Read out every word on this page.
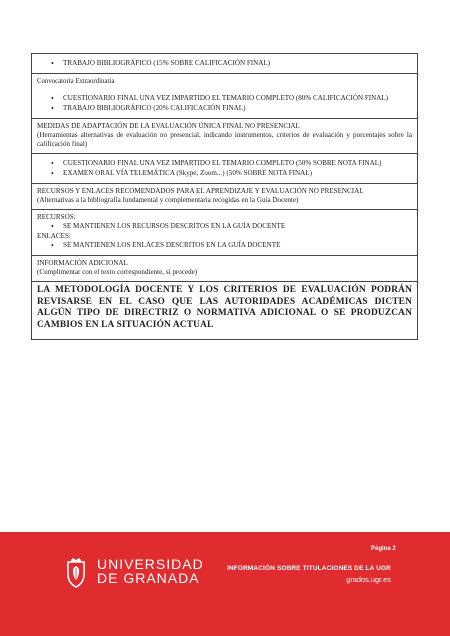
• TRABAJO BIBLIOGRÁFICO (15% SOBRE CALIFICACIÓN FINAL)
Convocatoria Extraordinaria
• CUESTIONARIO FINAL UNA VEZ IMPARTIDO EL TEMARIO COMPLETO (80% CALIFICACIÓN FINAL)
• TRABAJO BIBLIOGRÁFICO (20% CALIFICACIÓN FINAL)
MEDIDAS DE ADAPTACIÓN DE LA EVALUACIÓN ÚNICA FINAL NO PRESENCIAL
(Herramientas alternativas de evaluación no presencial, indicando instrumentos, criterios de evaluación y porcentajes sobre la calificación final)
• CUESTIONARIO FINAL UNA VEZ IMPARTIDO EL TEMARIO COMPLETO (50% SOBRE NOTA FINAL)
• EXAMEN ORAL VÍA TELEMÁTICA (Skype, Zoom...) (50% SOBRE NOTA FINAL)
RECURSOS Y ENLACES RECOMENDADOS PARA EL APRENDIZAJE Y EVALUACIÓN NO PRESENCIAL
(Alternativas a la bibliografía fundamental y complementaria recogidas en la Guía Docente)
RECURSOS:
• SE MANTIENEN LOS RECURSOS DESCRITOS EN LA GUÍA DOCENTE
ENLACES:
• SE MANTIENEN LOS ENLACES DESCRITOS EN LA GUÍA DOCENTE
INFORMACIÓN ADICIONAL
(Cumplimentar con el texto correspondiente, si procede)
LA METODOLOGÍA DOCENTE Y LOS CRITERIOS DE EVALUACIÓN PODRÁN REVISARSE EN EL CASO QUE LAS AUTORIDADES ACADÉMICAS DICTEN ALGÚN TIPO DE DIRECTRIZ O NORMATIVA ADICIONAL O SE PRODUZCAN CAMBIOS EN LA SITUACIÓN ACTUAL
UNIVERSIDAD
DE GRANADA
Página 2
INFORMACIÓN SOBRE TITULACIONES DE LA UGR
grados.ugr.es
